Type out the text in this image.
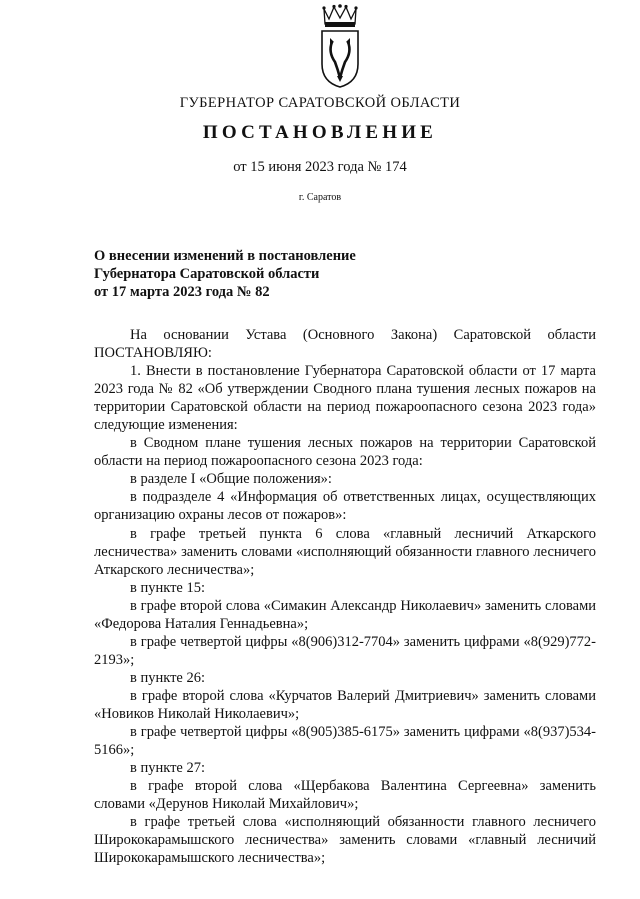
ГУБЕРНАТОР САРАТОВСКОЙ ОБЛАСТИ
ПОСТАНОВЛЕНИЕ
от 15 июня 2023 года № 174
г. Саратов
О внесении изменений в постановление
Губернатора Саратовской области
от 17 марта 2023 года № 82
На основании Устава (Основного Закона) Саратовской области ПОСТАНОВЛЯЮ:
1. Внести в постановление Губернатора Саратовской области от 17 марта 2023 года № 82 «Об утверждении Сводного плана тушения лесных пожаров на территории Саратовской области на период пожароопасного сезона 2023 года» следующие изменения:
в Сводном плане тушения лесных пожаров на территории Саратовской области на период пожароопасного сезона 2023 года:
в разделе I «Общие положения»:
в подразделе 4 «Информация об ответственных лицах, осуществляющих организацию охраны лесов от пожаров»:
в графе третьей пункта 6 слова «главный лесничий Аткарского лесничества» заменить словами «исполняющий обязанности главного лесничего Аткарского лесничества»;
в пункте 15:
в графе второй слова «Симакин Александр Николаевич» заменить словами «Федорова Наталия Геннадьевна»;
в графе четвертой цифры «8(906)312-7704» заменить цифрами «8(929)772-2193»;
в пункте 26:
в графе второй слова «Курчатов Валерий Дмитриевич» заменить словами «Новиков Николай Николаевич»;
в графе четвертой цифры «8(905)385-6175» заменить цифрами «8(937)534-5166»;
в пункте 27:
в графе второй слова «Щербакова Валентина Сергеевна» заменить словами «Дерунов Николай Михайлович»;
в графе третьей слова «исполняющий обязанности главного лесничего Ширококарамышского лесничества» заменить словами «главный лесничий Ширококарамышского лесничества»;
